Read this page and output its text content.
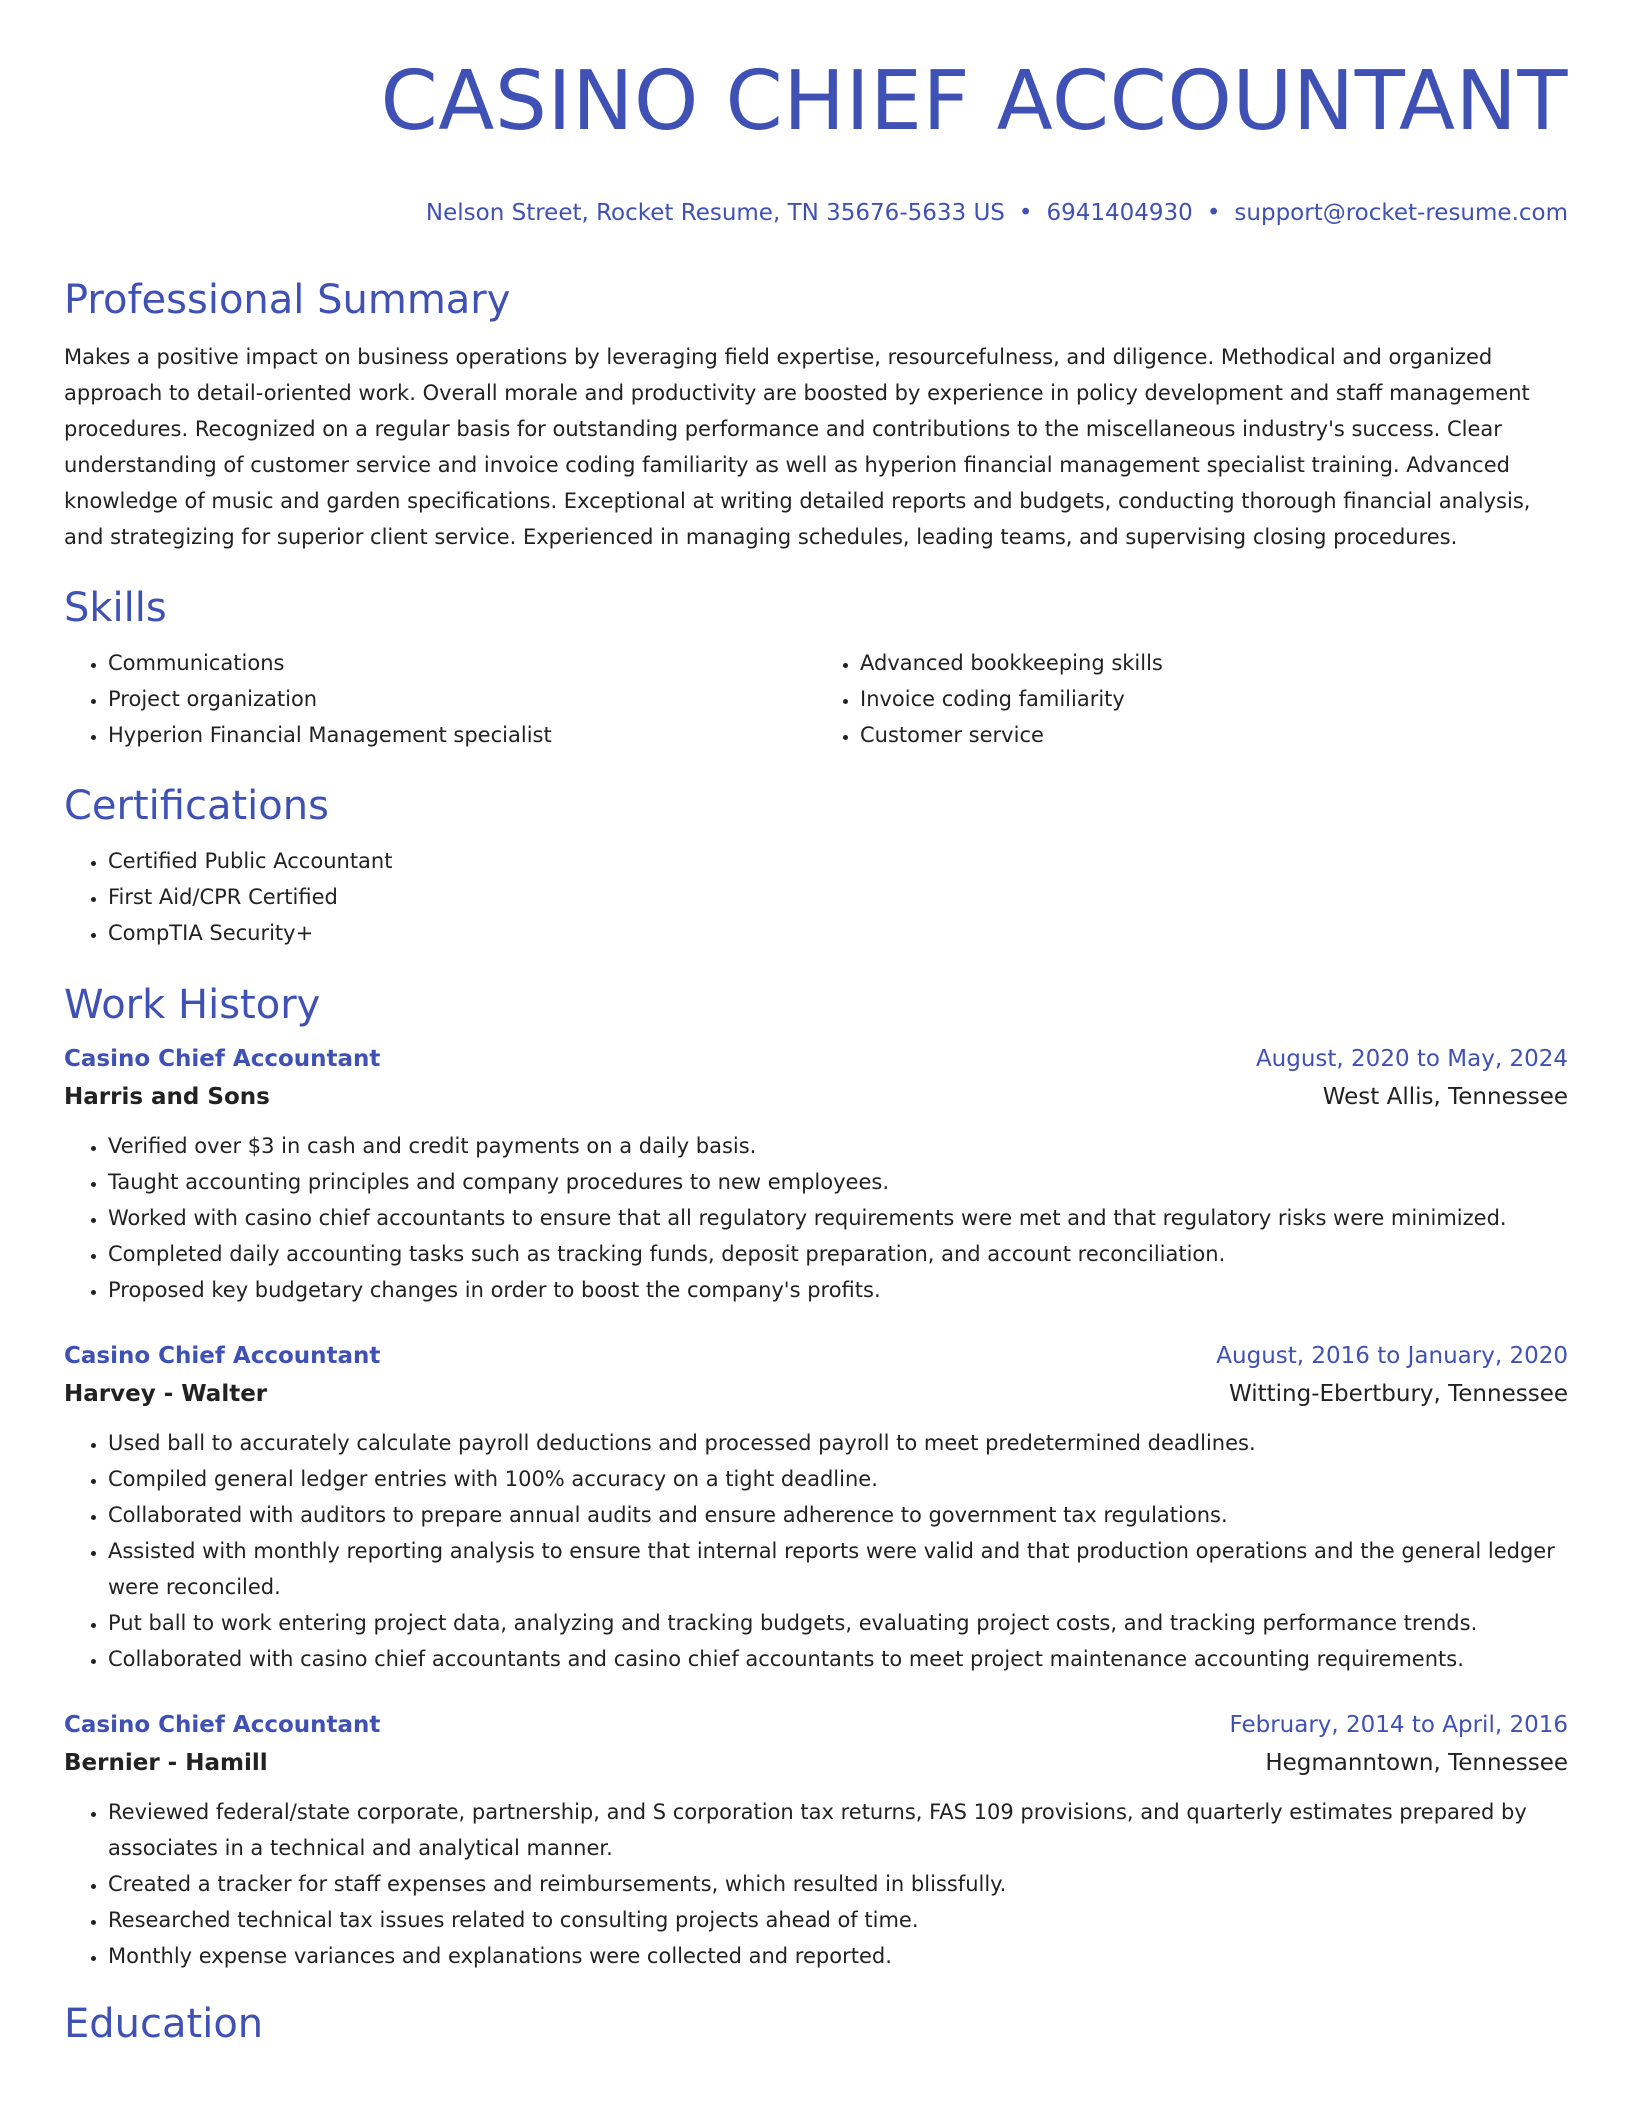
CASINO CHIEF ACCOUNTANT
Nelson Street, Rocket Resume, TN 35676-5633 US • 6941404930 • support@rocket-resume.com
Professional Summary
Makes a positive impact on business operations by leveraging field expertise, resourcefulness, and diligence. Methodical and organized approach to detail-oriented work. Overall morale and productivity are boosted by experience in policy development and staff management procedures. Recognized on a regular basis for outstanding performance and contributions to the miscellaneous industry's success. Clear understanding of customer service and invoice coding familiarity as well as hyperion financial management specialist training. Advanced knowledge of music and garden specifications. Exceptional at writing detailed reports and budgets, conducting thorough financial analysis, and strategizing for superior client service. Experienced in managing schedules, leading teams, and supervising closing procedures.
Skills
• Communications
• Project organization
• Hyperion Financial Management specialist
• Advanced bookkeeping skills
• Invoice coding familiarity
• Customer service
Certifications
• Certified Public Accountant
• First Aid/CPR Certified
• CompTIA Security+
Work History
Casino Chief Accountant	August, 2020 to May, 2024
Harris and Sons	West Allis, Tennessee
• Verified over $3 in cash and credit payments on a daily basis.
• Taught accounting principles and company procedures to new employees.
• Worked with casino chief accountants to ensure that all regulatory requirements were met and that regulatory risks were minimized.
• Completed daily accounting tasks such as tracking funds, deposit preparation, and account reconciliation.
• Proposed key budgetary changes in order to boost the company's profits.
Casino Chief Accountant	August, 2016 to January, 2020
Harvey - Walter	Witting-Ebertbury, Tennessee
• Used ball to accurately calculate payroll deductions and processed payroll to meet predetermined deadlines.
• Compiled general ledger entries with 100% accuracy on a tight deadline.
• Collaborated with auditors to prepare annual audits and ensure adherence to government tax regulations.
• Assisted with monthly reporting analysis to ensure that internal reports were valid and that production operations and the general ledger were reconciled.
• Put ball to work entering project data, analyzing and tracking budgets, evaluating project costs, and tracking performance trends.
• Collaborated with casino chief accountants and casino chief accountants to meet project maintenance accounting requirements.
Casino Chief Accountant	February, 2014 to April, 2016
Bernier - Hamill	Hegmanntown, Tennessee
• Reviewed federal/state corporate, partnership, and S corporation tax returns, FAS 109 provisions, and quarterly estimates prepared by associates in a technical and analytical manner.
• Created a tracker for staff expenses and reimbursements, which resulted in blissfully.
• Researched technical tax issues related to consulting projects ahead of time.
• Monthly expense variances and explanations were collected and reported.
Education
